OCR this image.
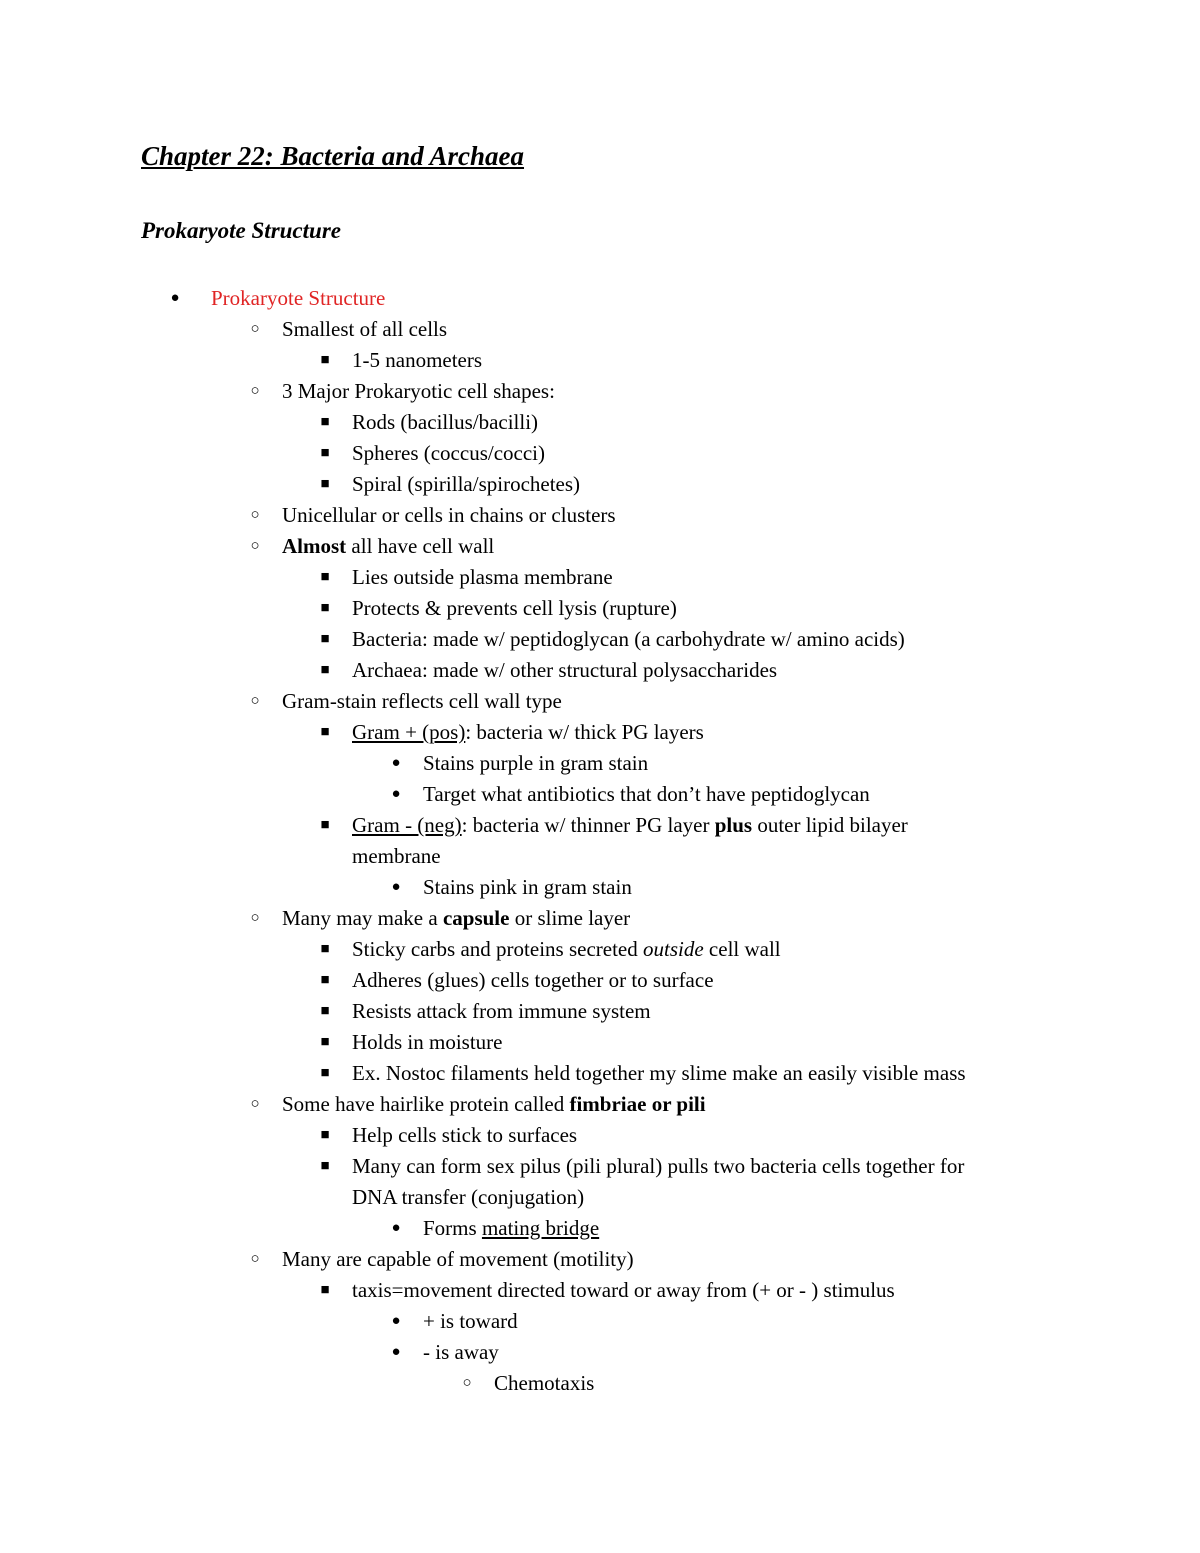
Chapter 22: Bacteria and Archaea
Prokaryote Structure
● Prokaryote Structure
○ Smallest of all cells
■ 1-5 nanometers
○ 3 Major Prokaryotic cell shapes:
■ Rods (bacillus/bacilli)
■ Spheres (coccus/cocci)
■ Spiral (spirilla/spirochetes)
○ Unicellular or cells in chains or clusters
○ Almost all have cell wall
■ Lies outside plasma membrane
■ Protects & prevents cell lysis (rupture)
■ Bacteria: made w/ peptidoglycan (a carbohydrate w/ amino acids)
■ Archaea: made w/ other structural polysaccharides
○ Gram-stain reflects cell wall type
■ Gram + (pos): bacteria w/ thick PG layers
● Stains purple in gram stain
● Target what antibiotics that don’t have peptidoglycan
■ Gram - (neg): bacteria w/ thinner PG layer plus outer lipid bilayer
membrane
● Stains pink in gram stain
○ Many may make a capsule or slime layer
■ Sticky carbs and proteins secreted outside cell wall
■ Adheres (glues) cells together or to surface
■ Resists attack from immune system
■ Holds in moisture
■ Ex. Nostoc filaments held together my slime make an easily visible mass
○ Some have hairlike protein called fimbriae or pili
■ Help cells stick to surfaces
■ Many can form sex pilus (pili plural) pulls two bacteria cells together for
DNA transfer (conjugation)
● Forms mating bridge
○ Many are capable of movement (motility)
■ taxis=movement directed toward or away from (+ or - ) stimulus
● + is toward
● - is away
○ Chemotaxis
